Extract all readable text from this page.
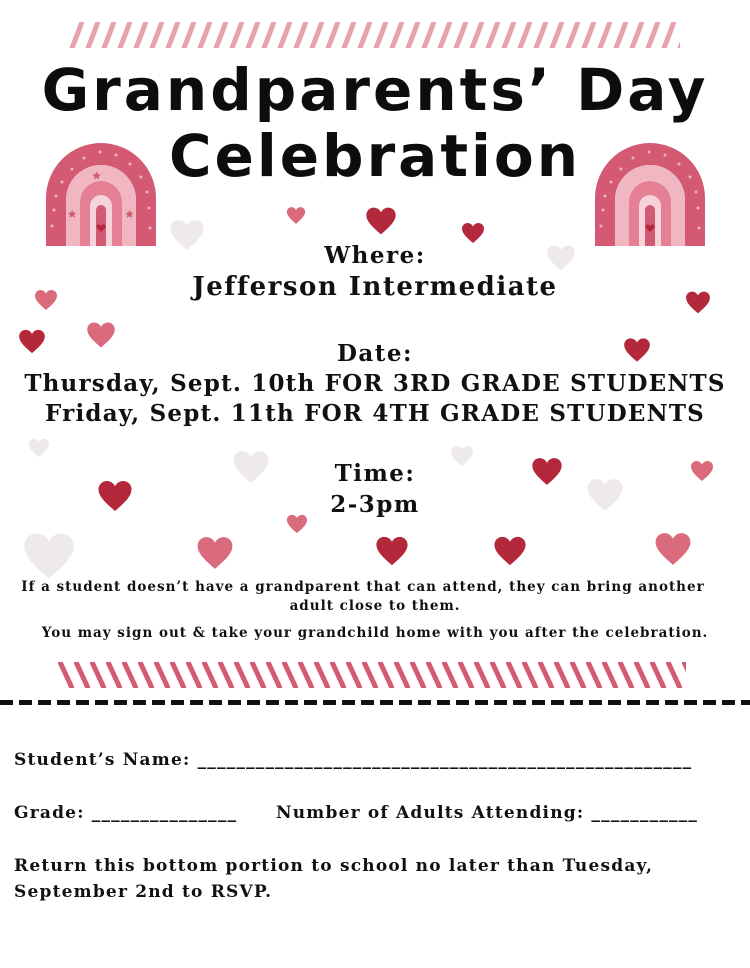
Grandparents’ Day
Celebration
Where:
Jefferson Intermediate
Date:
Thursday, Sept. 10th FOR 3RD GRADE STUDENTS
Friday, Sept. 11th FOR 4TH GRADE STUDENTS
Time:
2-3pm
If a student doesn’t have a grandparent that can attend, they can bring another
adult close to them.
You may sign out & take your grandchild home with you after the celebration.
Student’s Name: ___________________________________________________
Grade: _______________ Number of Adults Attending: ___________
Return this bottom portion to school no later than Tuesday,
September 2nd to RSVP.
